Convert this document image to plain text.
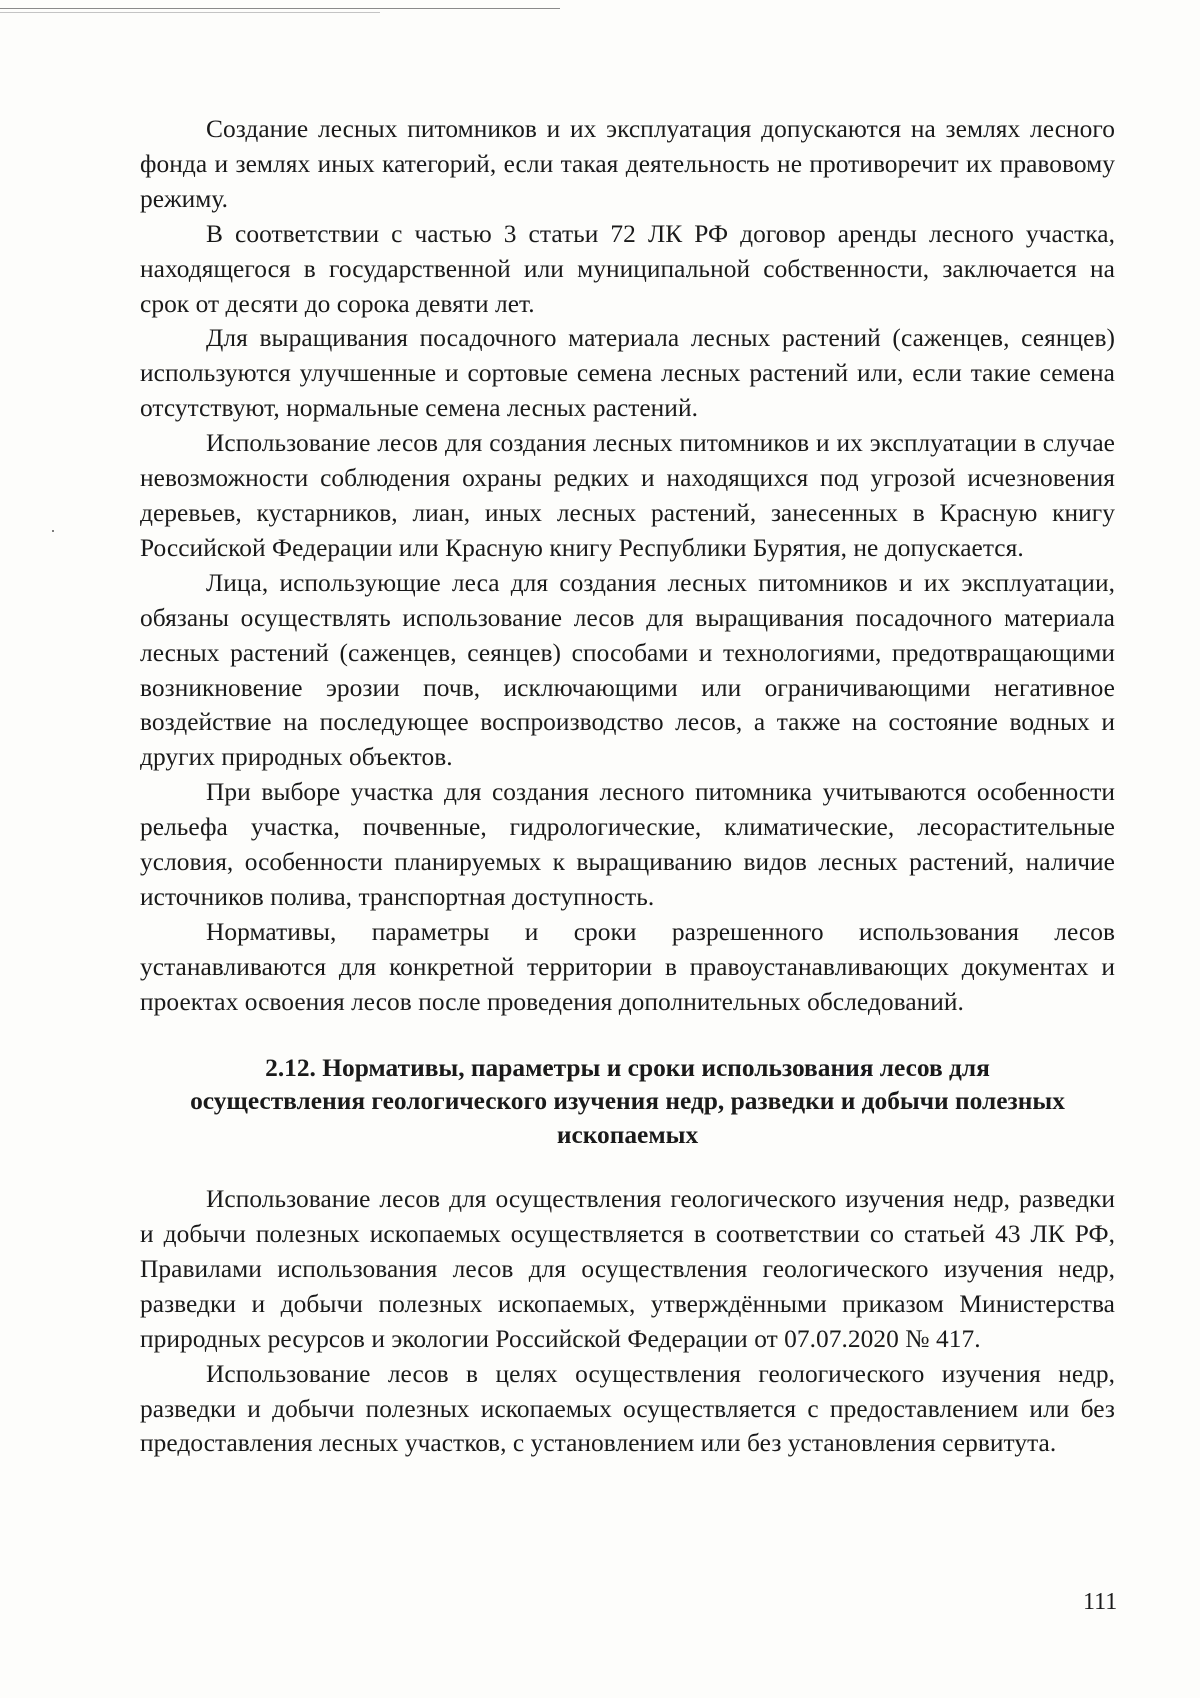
Создание лесных питомников и их эксплуатация допускаются на землях лесного фонда и землях иных категорий, если такая деятельность не противоречит их правовому режиму.

В соответствии с частью 3 статьи 72 ЛК РФ договор аренды лесного участка, находящегося в государственной или муниципальной собственности, заключается на срок от десяти до сорока девяти лет.

Для выращивания посадочного материала лесных растений (саженцев, сеянцев) используются улучшенные и сортовые семена лесных растений или, если такие семена отсутствуют, нормальные семена лесных растений.

Использование лесов для создания лесных питомников и их эксплуатации в случае невозможности соблюдения охраны редких и находящихся под угрозой исчезновения деревьев, кустарников, лиан, иных лесных растений, занесенных в Красную книгу Российской Федерации или Красную книгу Республики Бурятия, не допускается.

Лица, использующие леса для создания лесных питомников и их эксплуатации, обязаны осуществлять использование лесов для выращивания посадочного материала лесных растений (саженцев, сеянцев) способами и технологиями, предотвращающими возникновение эрозии почв, исключающими или ограничивающими негативное воздействие на последующее воспроизводство лесов, а также на состояние водных и других природных объектов.

При выборе участка для создания лесного питомника учитываются особенности рельефа участка, почвенные, гидрологические, климатические, лесорастительные условия, особенности планируемых к выращиванию видов лесных растений, наличие источников полива, транспортная доступность.

Нормативы, параметры и сроки разрешенного использования лесов устанавливаются для конкретной территории в правоустанавливающих документах и проектах освоения лесов после проведения дополнительных обследований.

2.12. Нормативы, параметры и сроки использования лесов для осуществления геологического изучения недр, разведки и добычи полезных ископаемых

Использование лесов для осуществления геологического изучения недр, разведки и добычи полезных ископаемых осуществляется в соответствии со статьей 43 ЛК РФ, Правилами использования лесов для осуществления геологического изучения недр, разведки и добычи полезных ископаемых, утверждёнными приказом Министерства природных ресурсов и экологии Российской Федерации от 07.07.2020 № 417.

Использование лесов в целях осуществления геологического изучения недр, разведки и добычи полезных ископаемых осуществляется с предоставлением или без предоставления лесных участков, с установлением или без установления сервитута.

111
